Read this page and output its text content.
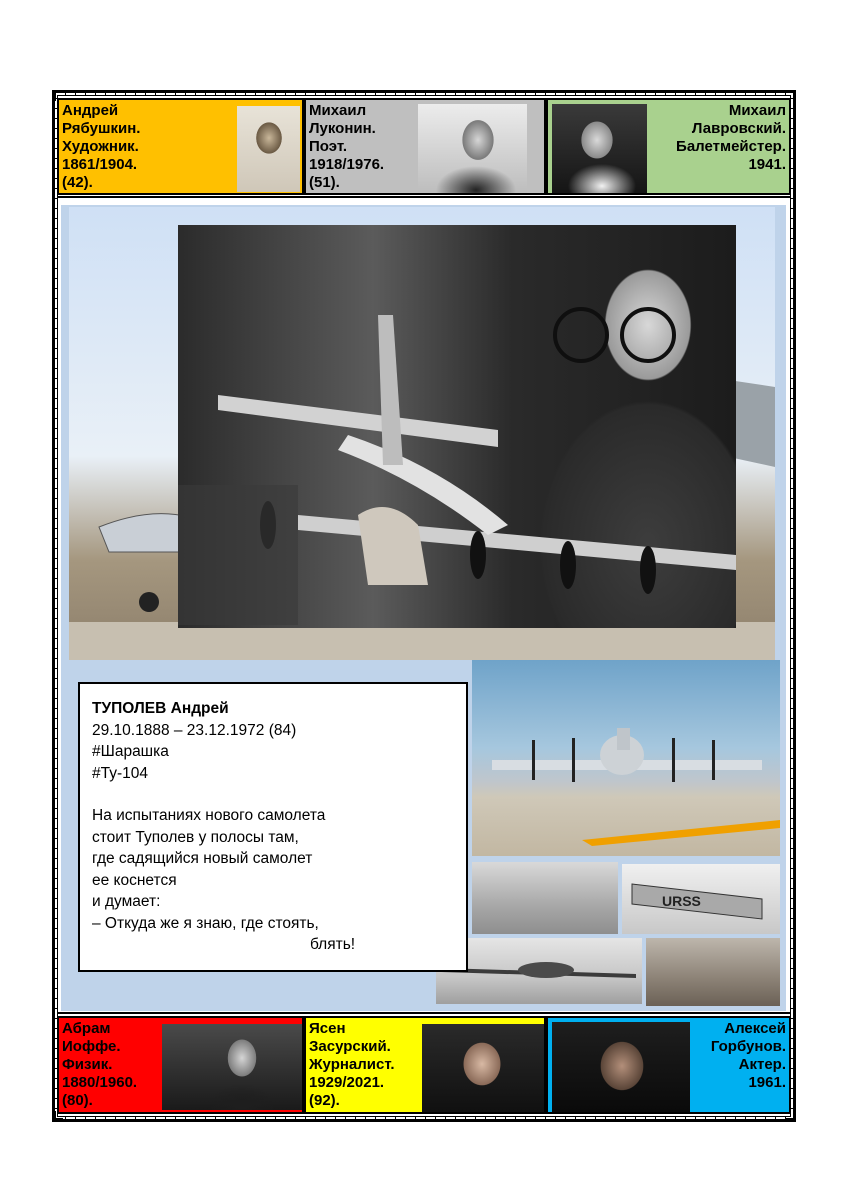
Андрей
Рябушкин.
Художник.
1861/1904.
(42).
Михаил
Луконин.
Поэт.
1918/1976.
(51).
Михаил
Лавровский.
Балетмейстер.
1941.
URSS
ТУПОЛЕВ Андрей
29.10.1888 – 23.12.1972 (84)
#Шарашка
#Ту-104
На испытаниях нового самолета
стоит Туполев у полосы там,
где садящийся новый самолет
ее коснется
и думает:
– Откуда же я знаю, где стоять,
блять!
Абрам
Иоффе.
Физик.
1880/1960.
(80).
Ясен
Засурский.
Журналист.
1929/2021.
(92).
Алексей
Горбунов.
Актер.
1961.
